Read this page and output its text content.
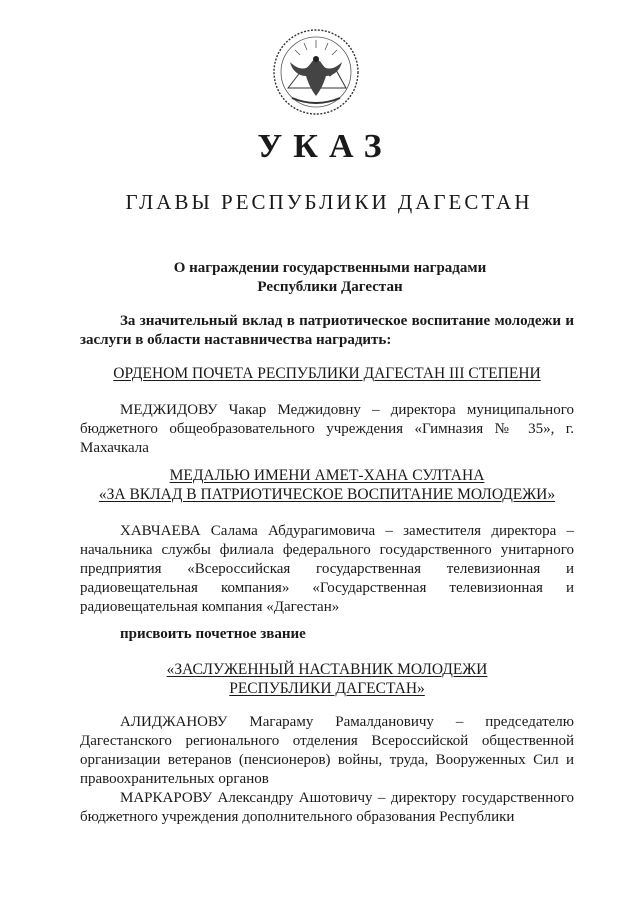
УКАЗ
ГЛАВЫ РЕСПУБЛИКИ ДАГЕСТАН
О награждении государственными наградами
Республики Дагестан
За значительный вклад в патриотическое воспитание молодежи и заслуги в области наставничества наградить:
ОРДЕНОМ ПОЧЕТА РЕСПУБЛИКИ ДАГЕСТАН III СТЕПЕНИ
МЕДЖИДОВУ Чакар Меджидовну – директора муниципального бюджетного общеобразовательного учреждения «Гимназия № 35», г. Махачкала
МЕДАЛЬЮ ИМЕНИ АМЕТ-ХАНА СУЛТАНА
«ЗА ВКЛАД В ПАТРИОТИЧЕСКОЕ ВОСПИТАНИЕ МОЛОДЕЖИ»
ХАВЧАЕВА Салама Абдурагимовича – заместителя директора – начальника службы филиала федерального государственного унитарного предприятия «Всероссийская государственная телевизионная и радиовещательная компания» «Государственная телевизионная и радиовещательная компания «Дагестан»
присвоить почетное звание
«ЗАСЛУЖЕННЫЙ НАСТАВНИК МОЛОДЕЖИ
РЕСПУБЛИКИ ДАГЕСТАН»
АЛИДЖАНОВУ Магараму Рамалдановичу – председателю Дагестанского регионального отделения Всероссийской общественной организации ветеранов (пенсионеров) войны, труда, Вооруженных Сил и правоохранительных органов
МАРКАРОВУ Александру Ашотовичу – директору государственного бюджетного учреждения дополнительного образования Республики
